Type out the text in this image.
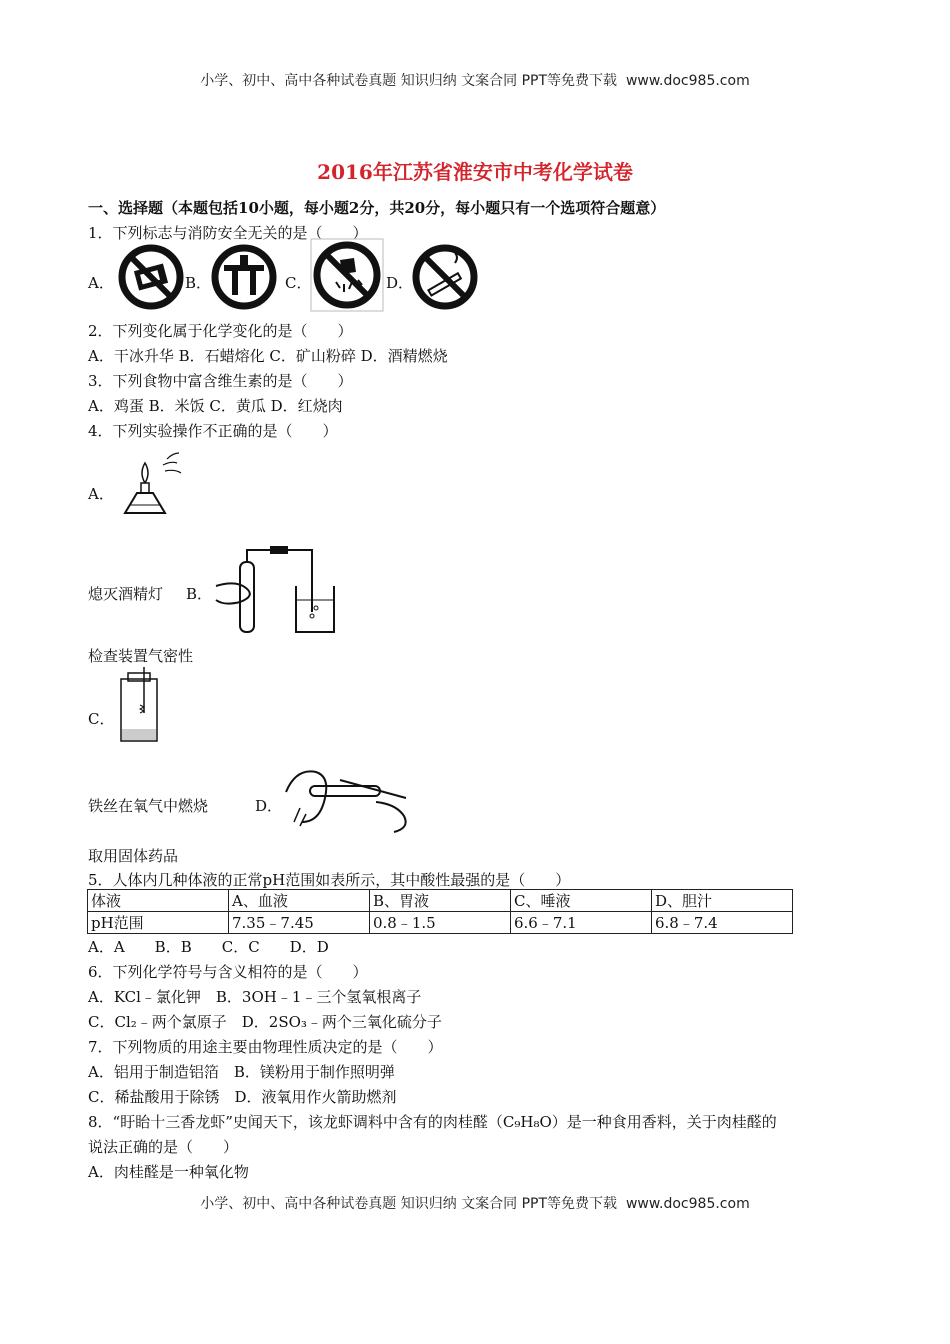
小学、初中、高中各种试卷真题 知识归纳 文案合同 PPT等免费下载 www.doc985.com
2016年江苏省淮安市中考化学试卷
一、选择题（本题包括10小题，每小题2分，共20分，每小题只有一个选项符合题意）
1．下列标志与消防安全无关的是（　　）
A．	B．	C．	D．
2．下列变化属于化学变化的是（　　）
A．干冰升华 B．石蜡熔化 C．矿山粉碎 D．酒精燃烧
3．下列食物中富含维生素的是（　　）
A．鸡蛋 B．米饭 C．黄瓜 D．红烧肉
4．下列实验操作不正确的是（　　）
A．
熄灭酒精灯 B．
检查装置气密性
C．
铁丝在氧气中燃烧	D．
取用固体药品
5．人体内几种体液的正常pH范围如表所示，其中酸性最强的是（　　）
体液	A、血液	B、胃液	C、唾液	D、胆汁
pH范围	7.35﹣7.45	0.8﹣1.5	6.6﹣7.1	6.8﹣7.4
A．A　　B．B　　C．C　　D．D
6．下列化学符号与含义相符的是（　　）
A．KCl﹣氯化钾　B．3OH﹣1﹣三个氢氧根离子
C．Cl₂﹣两个氯原子　D．2SO₃﹣两个三氧化硫分子
7．下列物质的用途主要由物理性质决定的是（　　）
A．铝用于制造铝箔　B．镁粉用于制作照明弹
C．稀盐酸用于除锈　D．液氧用作火箭助燃剂
8．“盱眙十三香龙虾”史闻天下，该龙虾调料中含有的肉桂醛（C₉H₈O）是一种食用香料，关于肉桂醛的
说法正确的是（　　）
A．肉桂醛是一种氧化物
小学、初中、高中各种试卷真题 知识归纳 文案合同 PPT等免费下载 www.doc985.com
